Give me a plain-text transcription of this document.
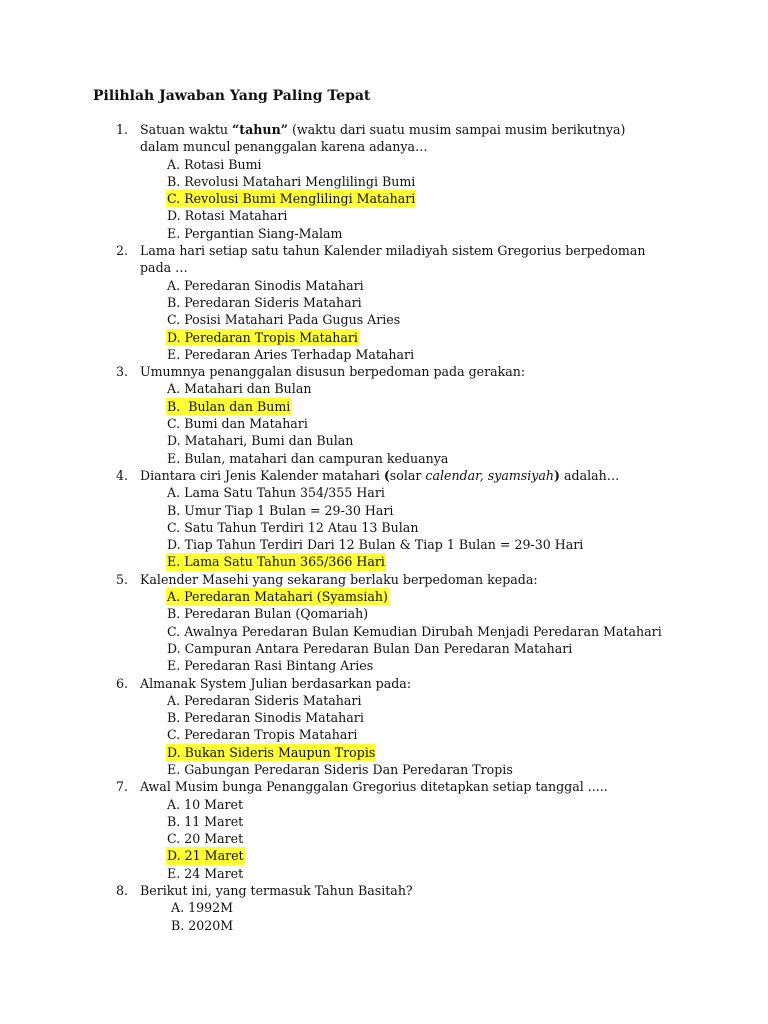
Pilihlah Jawaban Yang Paling Tepat
1. Satuan waktu “tahun” (waktu dari suatu musim sampai musim berikutnya)
dalam muncul penanggalan karena adanya…
A. Rotasi Bumi
B. Revolusi Matahari Menglilingi Bumi
C. Revolusi Bumi Menglilingi Matahari
D. Rotasi Matahari
E. Pergantian Siang-Malam
2. Lama hari setiap satu tahun Kalender miladiyah sistem Gregorius berpedoman
pada …
A. Peredaran Sinodis Matahari
B. Peredaran Sideris Matahari
C. Posisi Matahari Pada Gugus Aries
D. Peredaran Tropis Matahari
E. Peredaran Aries Terhadap Matahari
3. Umumnya penanggalan disusun berpedoman pada gerakan:
A. Matahari dan Bulan
B.  Bulan dan Bumi
C. Bumi dan Matahari
D. Matahari, Bumi dan Bulan
E. Bulan, matahari dan campuran keduanya
4. Diantara ciri Jenis Kalender matahari (solar calendar, syamsiyah) adalah…
A. Lama Satu Tahun 354/355 Hari
B. Umur Tiap 1 Bulan = 29-30 Hari
C. Satu Tahun Terdiri 12 Atau 13 Bulan
D. Tiap Tahun Terdiri Dari 12 Bulan & Tiap 1 Bulan = 29-30 Hari
E. Lama Satu Tahun 365/366 Hari
5. Kalender Masehi yang sekarang berlaku berpedoman kepada:
A. Peredaran Matahari (Syamsiah)
B. Peredaran Bulan (Qomariah)
C. Awalnya Peredaran Bulan Kemudian Dirubah Menjadi Peredaran Matahari
D. Campuran Antara Peredaran Bulan Dan Peredaran Matahari
E. Peredaran Rasi Bintang Aries
6. Almanak System Julian berdasarkan pada:
A. Peredaran Sideris Matahari
B. Peredaran Sinodis Matahari
C. Peredaran Tropis Matahari
D. Bukan Sideris Maupun Tropis
E. Gabungan Peredaran Sideris Dan Peredaran Tropis
7. Awal Musim bunga Penanggalan Gregorius ditetapkan setiap tanggal .....
A. 10 Maret
B. 11 Maret
C. 20 Maret
D. 21 Maret
E. 24 Maret
8. Berikut ini, yang termasuk Tahun Basitah?
A. 1992M
B. 2020M
